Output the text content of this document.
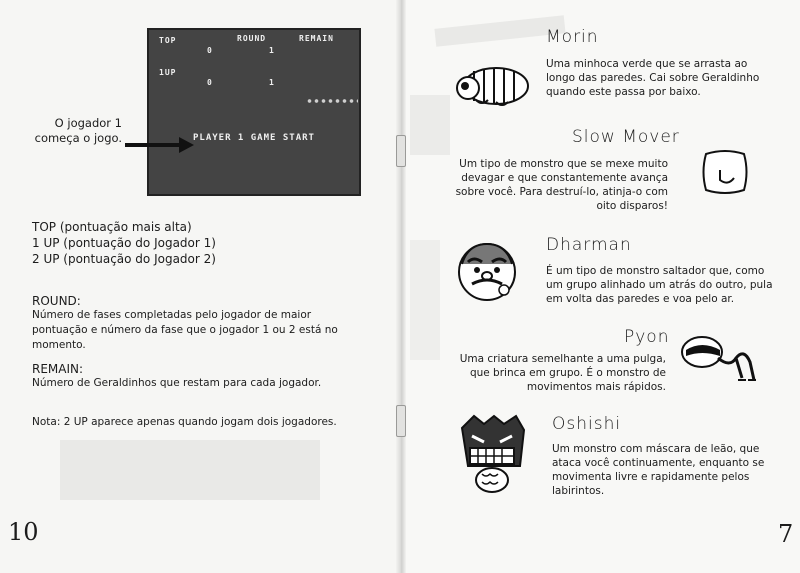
TOP	ROUND	REMAIN
0	1
1UP
0	1
PLAYER 1 GAME START
O jogador 1 começa o jogo.
TOP (pontuação mais alta)
1 UP (pontuação do Jogador 1)
2 UP (pontuação do Jogador 2)
ROUND:
Número de fases completadas pelo jogador de maior pontuação e número da fase que o jogador 1 ou 2 está no momento.
REMAIN:
Número de Geraldinhos que restam para cada jogador.
Nota: 2 UP aparece apenas quando jogam dois jogadores.
10
Morin
Uma minhoca verde que se arrasta ao longo das paredes. Cai sobre Geraldinho quando este passa por baixo.
Slow Mover
Um tipo de monstro que se mexe muito devagar e que constantemente avança sobre você. Para destruí-lo, atinja-o com oito disparos!
Dharman
É um tipo de monstro saltador que, como um grupo alinhado um atrás do outro, pula em volta das paredes e voa pelo ar.
Pyon
Uma criatura semelhante a uma pulga, que brinca em grupo. É o monstro de movimentos mais rápidos.
Oshishi
Um monstro com máscara de leão, que ataca você continuamente, enquanto se movimenta livre e rapidamente pelos labirintos.
7
